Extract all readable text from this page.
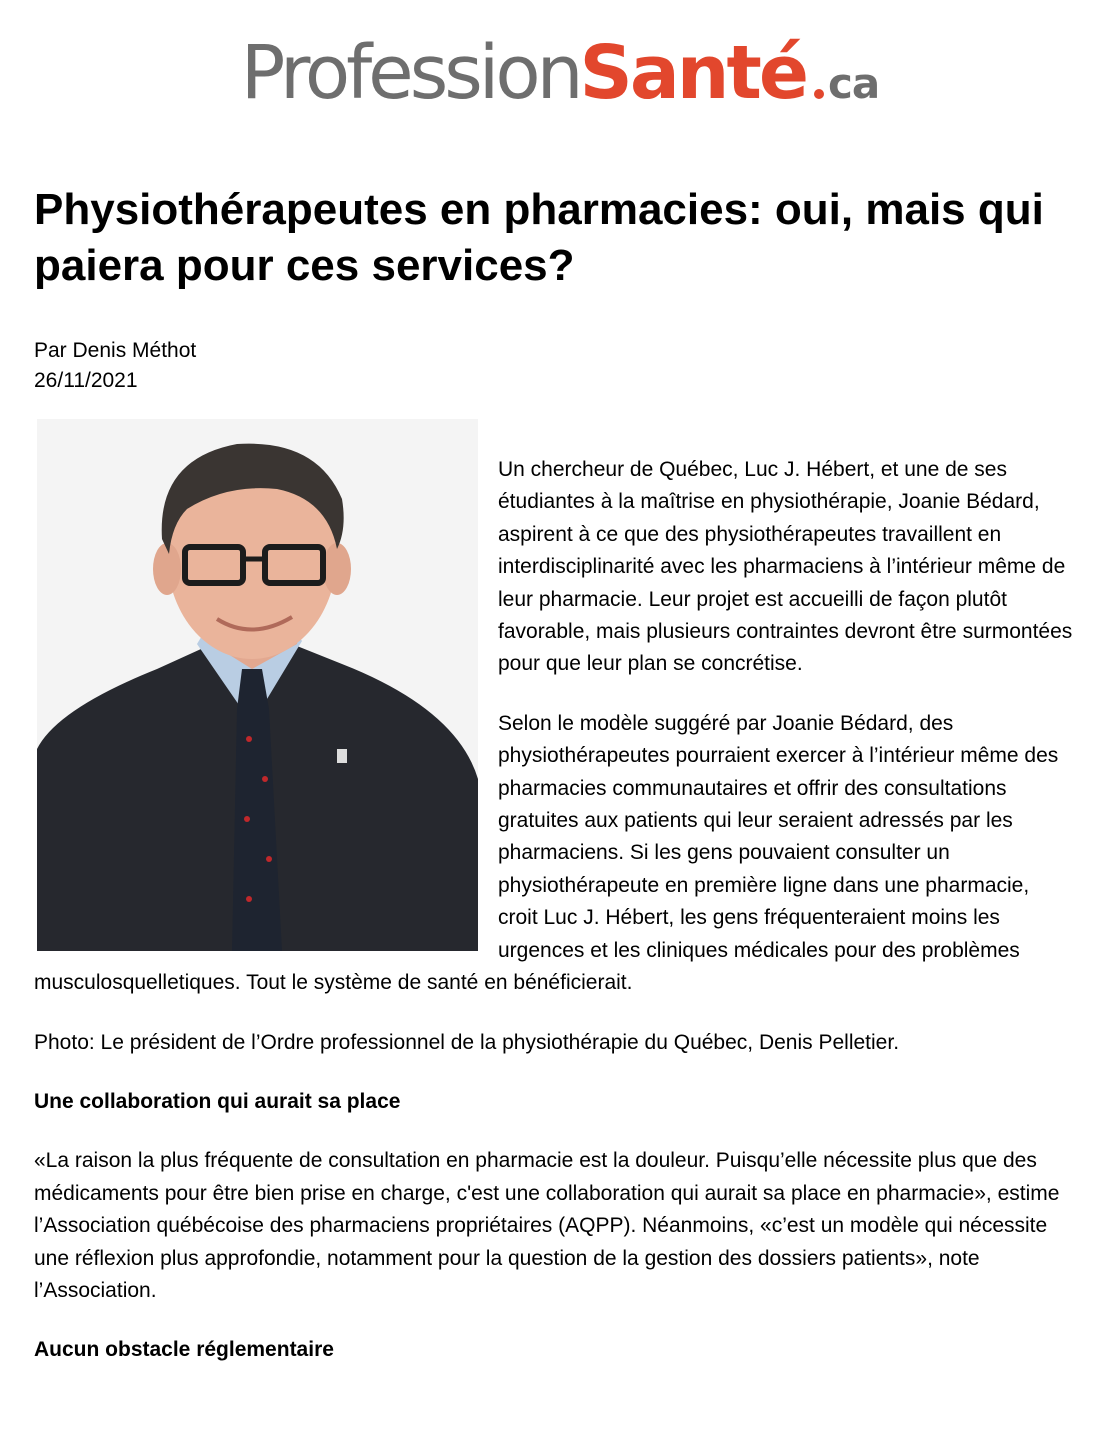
ProfessionSanté ca
Physiothérapeutes en pharmacies: oui, mais qui paiera pour ces services?
Par Denis Méthot
26/11/2021

Un chercheur de Québec, Luc J. Hébert, et une de ses étudiantes à la maîtrise en physiothérapie, Joanie Bédard, aspirent à ce que des physiothérapeutes travaillent en interdisciplinarité avec les pharmaciens à l’intérieur même de leur pharmacie. Leur projet est accueilli de façon plutôt favorable, mais plusieurs contraintes devront être surmontées pour que leur plan se concrétise.

Selon le modèle suggéré par Joanie Bédard, des physiothérapeutes pourraient exercer à l’intérieur même des pharmacies communautaires et offrir des consultations gratuites aux patients qui leur seraient adressés par les pharmaciens. Si les gens pouvaient consulter un physiothérapeute en première ligne dans une pharmacie, croit Luc J. Hébert, les gens fréquenteraient moins les urgences et les cliniques médicales pour des problèmes musculosquelletiques. Tout le système de santé en bénéficierait.

Photo: Le président de l’Ordre professionnel de la physiothérapie du Québec, Denis Pelletier.

Une collaboration qui aurait sa place

«La raison la plus fréquente de consultation en pharmacie est la douleur. Puisqu’elle nécessite plus que des médicaments pour être bien prise en charge, c'est une collaboration qui aurait sa place en pharmacie», estime l’Association québécoise des pharmaciens propriétaires (AQPP). Néanmoins, «c’est un modèle qui nécessite une réflexion plus approfondie, notamment pour la question de la gestion des dossiers patients», note l’Association.

Aucun obstacle réglementaire
